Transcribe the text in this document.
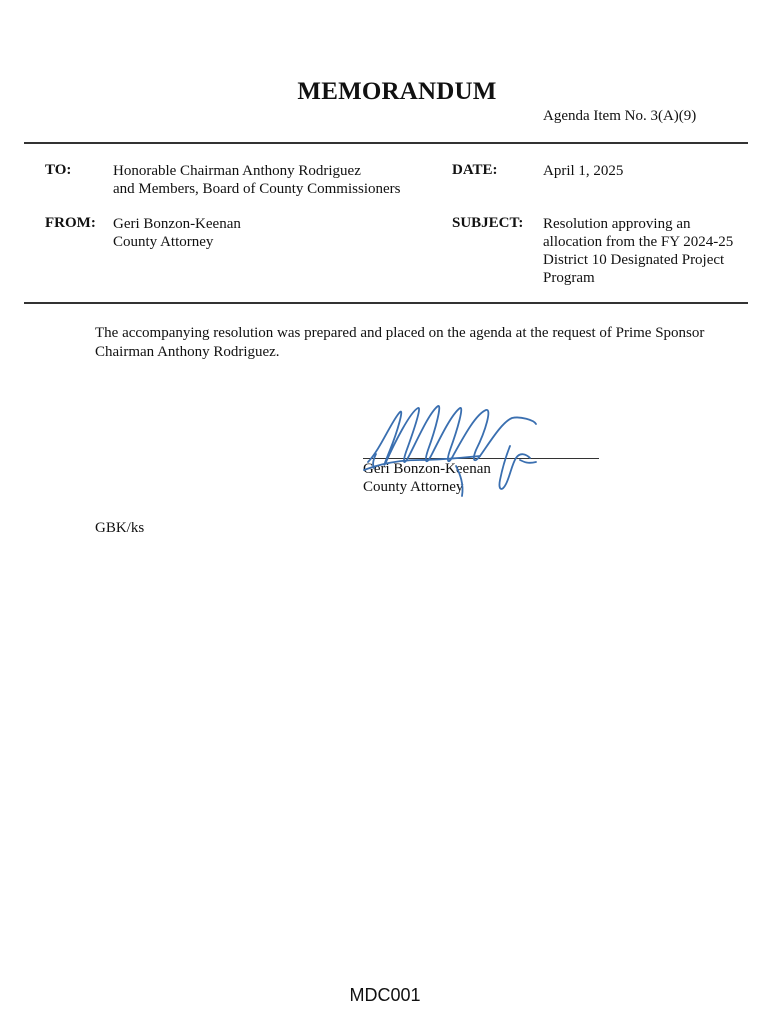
MEMORANDUM
Agenda Item No. 3(A)(9)
TO:	Honorable Chairman Anthony Rodriguez
and Members, Board of County Commissioners
DATE:	April 1, 2025
FROM: Geri Bonzon-Keenan
County Attorney
SUBJECT: Resolution approving an
allocation from the FY 2024-25
District 10 Designated Project
Program
The accompanying resolution was prepared and placed on the agenda at the request of Prime Sponsor
Chairman Anthony Rodriguez.
Geri Bonzon-Keenan
County Attorney
GBK/ks
MDC001
